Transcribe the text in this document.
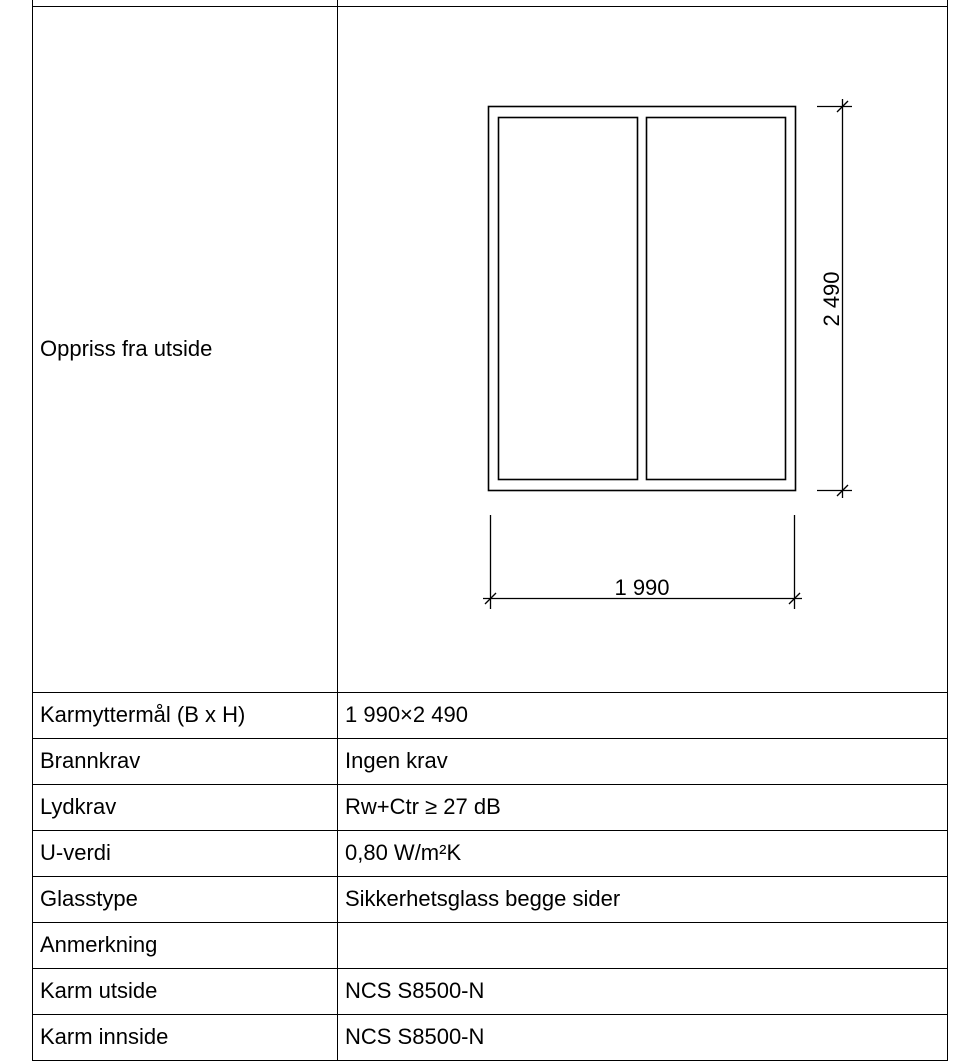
Oppriss fra utside	2 490
1 990

Karmyttermål (B x H)	1 990×2 490
Brannkrav	Ingen krav
Lydkrav	Rw+Ctr ≥ 27 dB
U-verdi	0,80 W/m²K
Glasstype	Sikkerhetsglass begge sider
Anmerkning	
Karm utside	NCS S8500-N
Karm innside	NCS S8500-N
